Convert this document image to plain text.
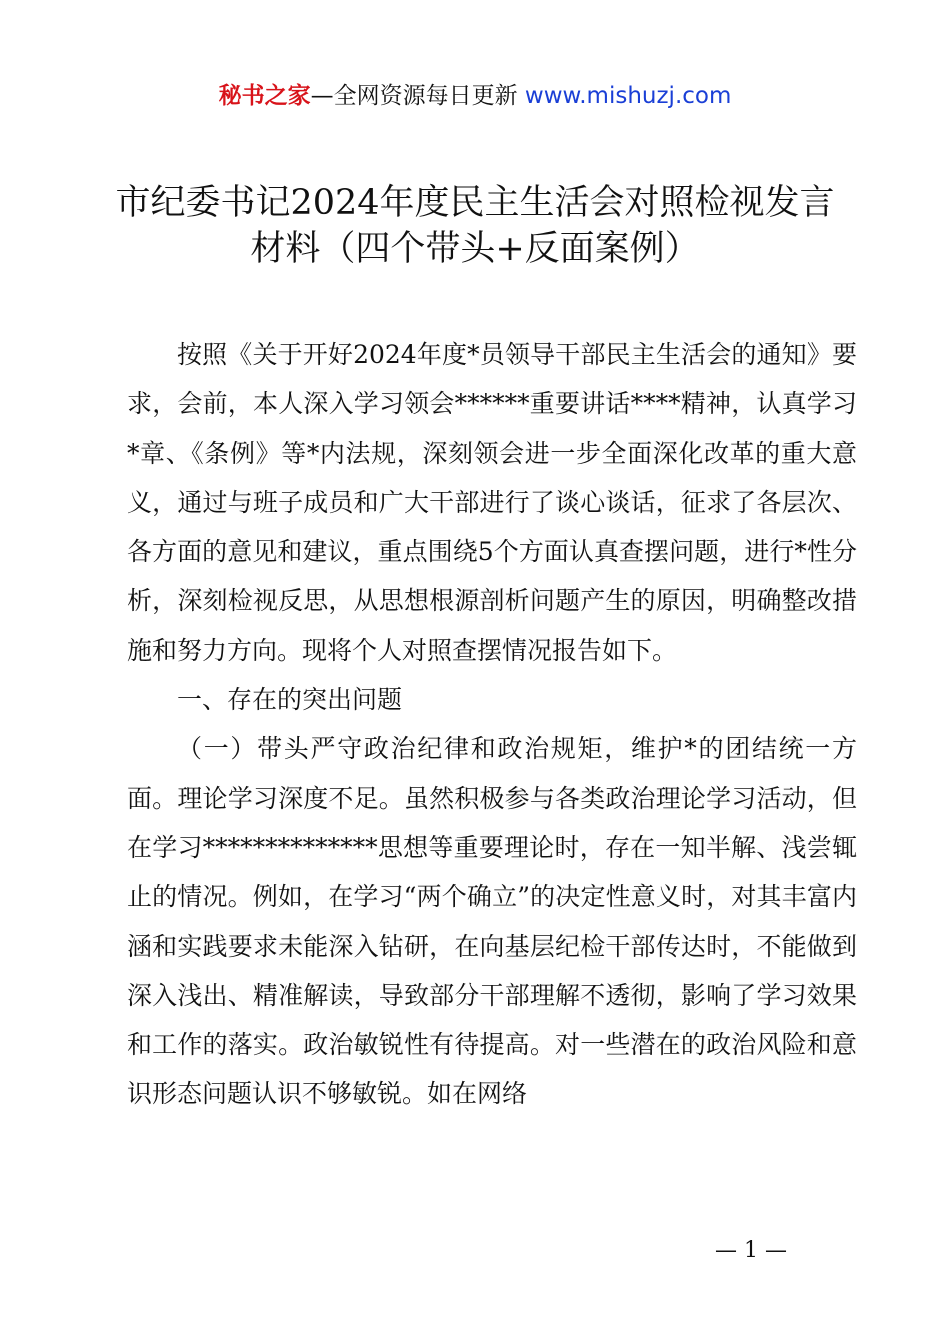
秘书之家—全网资源每日更新 www.mishuzj.com
市纪委书记2024年度民主生活会对照检视发言材料（四个带头+反面案例）

按照《关于开好2024年度*员领导干部民主生活会的通知》要求，会前，本人深入学习领会******重要讲话****精神，认真学习*章、《条例》等*内法规，深刻领会进一步全面深化改革的重大意义，通过与班子成员和广大干部进行了谈心谈话，征求了各层次、各方面的意见和建议，重点围绕5个方面认真查摆问题，进行*性分析，深刻检视反思，从思想根源剖析问题产生的原因，明确整改措施和努力方向。现将个人对照查摆情况报告如下。

一、存在的突出问题

（一）带头严守政治纪律和政治规矩，维护*的团结统一方面。理论学习深度不足。虽然积极参与各类政治理论学习活动，但在学习**************思想等重要理论时，存在一知半解、浅尝辄止的情况。例如，在学习“两个确立”的决定性意义时，对其丰富内涵和实践要求未能深入钻研，在向基层纪检干部传达时，不能做到深入浅出、精准解读，导致部分干部理解不透彻，影响了学习效果和工作的落实。政治敏锐性有待提高。对一些潜在的政治风险和意识形态问题认识不够敏锐。如在网络

— 1 —
